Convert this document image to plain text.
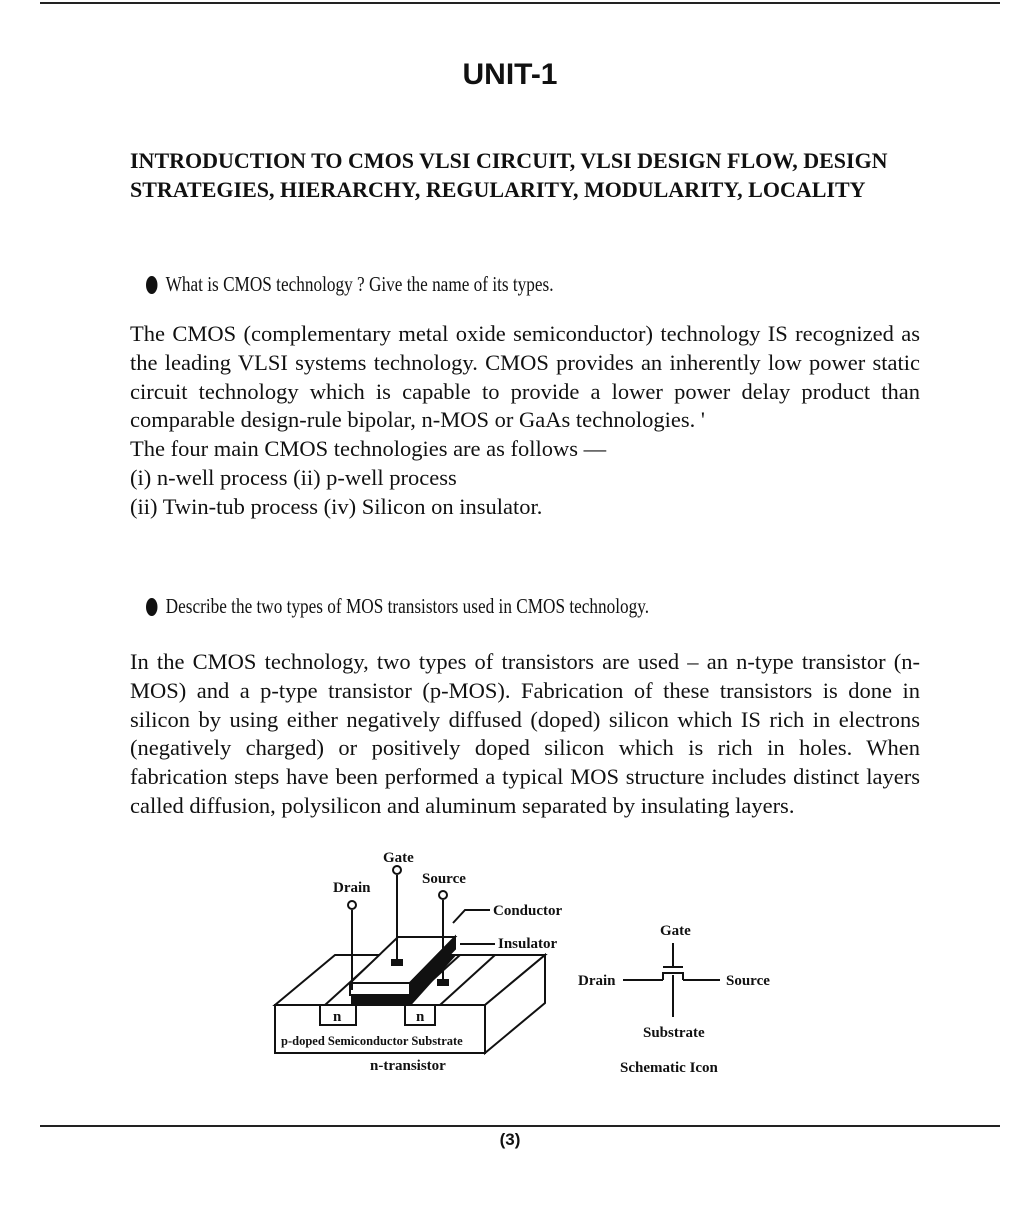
UNIT-1
INTRODUCTION TO CMOS VLSI CIRCUIT, VLSI DESIGN FLOW, DESIGN STRATEGIES, HIERARCHY, REGULARITY, MODULARITY, LOCALITY
What is CMOS technology ? Give the name of its types.

The CMOS (complementary metal oxide semiconductor) technology IS recognized as the leading VLSI systems technology. CMOS provides an inherently low power static circuit technology which is capable to provide a lower power delay product than comparable design-rule bipolar, n-MOS or GaAs technologies. '

The four main CMOS technologies are as follows —
(i) n-well process (ii) p-well process
(ii) Twin-tub process (iv) Silicon on insulator.
Describe the two types of MOS transistors used in CMOS technology.

In the CMOS technology, two types of transistors are used – an n-type transistor (n-MOS) and a p-type transistor (p-MOS). Fabrication of these transistors is done in silicon by using either negatively diffused (doped) silicon which IS rich in electrons (negatively charged) or positively doped silicon which is rich in holes. When fabrication steps have been performed a typical MOS structure includes distinct layers called diffusion, polysilicon and aluminum separated by insulating layers.

Gate
Drain
Source
Conductor
Insulator
n	n
p-doped Semiconductor Substrate
n-transistor
Gate
Drain	Source
Substrate
Schematic Icon
(3)
